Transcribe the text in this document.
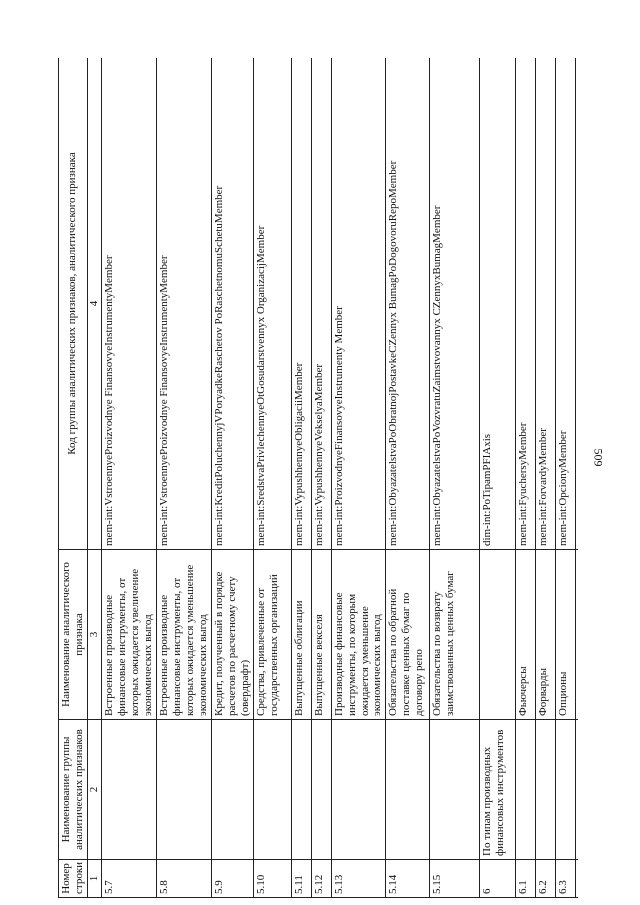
509
Номер строки	Наименование группы аналитических признаков	Наименование аналитического признака	Код группы аналитических признаков, аналитического признака
1	2	3	4
5.7		Встроенные производные финансовые инструменты, от которых ожидается увеличение экономических выгод	mem-int:VstroennyeProizvodnye FinansovyeInstrumentyMember
5.8		Встроенные производные финансовые инструменты, от которых ожидается уменьшение экономических выгод	mem-int:VstroennyeProizvodnye FinansovyeInstrumentyMember
5.9		Кредит, полученный в порядке расчетов по расчетному счету (овердрафт)	mem-int:KreditPoluchennyjVPoryadkeRaschetov PoRaschetnomuSchetuMember
5.10		Средства, привлеченные от государственных организаций	mem-int:SredstvaPrivlechennyeOtGosudarstvennyx OrganizacijMember
5.11		Выпущенные облигации	mem-int:VypushhennyeObligaciiMember
5.12		Выпущенные векселя	mem-int:VypushhennyeVekselyaMember
5.13		Производные финансовые инструменты, по которым ожидается уменьшение экономических выгод	mem-int:ProizvodnyeFinansovyeInstrumenty Member
5.14		Обязательства по обратной поставке ценных бумаг по договору репо	mem-int:ObyazatelstvaPoObratnojPostavkeCZennyx BumagPoDogovoruRepoMember
5.15		Обязательства по возврату заимствованных ценных бумаг	mem-int:ObyazatelstvaPoVozvratuZaimstvovannyx CZennyxBumagMember
6	По типам производных финансовых инструментов		dim-int:PoTipamPFIAxis
6.1		Фьючерсы	mem-int:FyuchersyMember
6.2		Форварды	mem-int:ForvardyMember
6.3		Опционы	mem-int:OpcionyMember
